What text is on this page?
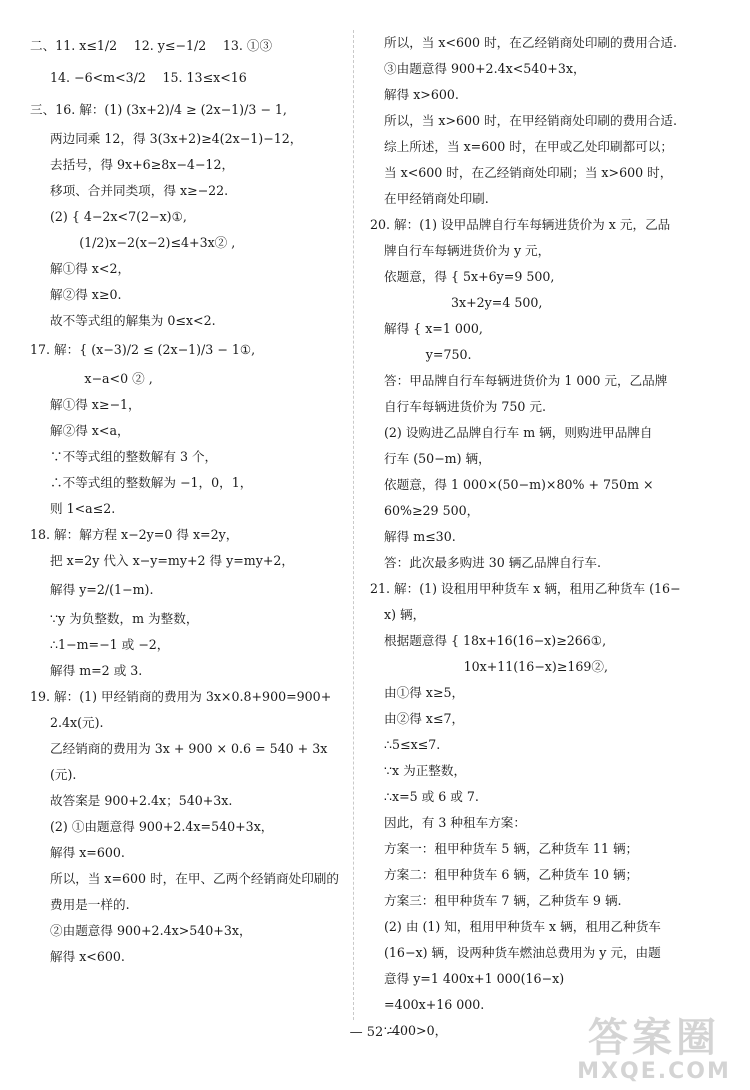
二、11. x≤1/2　 12. y≤−1/2　 13. ①③
14. −6<m<3/2　 15. 13≤x<16
三、16. 解：(1) (3x+2)/4 ≥ (2x−1)/3 − 1,
两边同乘 12，得 3(3x+2)≥4(2x−1)−12，
去括号，得 9x+6≥8x−4−12，
移项、合并同类项，得 x≥−22.
(2) { 4−2x<7(2−x)①,
　　 (1/2)x−2(x−2)≤4+3x② ,
解①得 x<2，
解②得 x≥0.
故不等式组的解集为 0≤x<2.
17. 解：{ (x−3)/2 ≤ (2x−1)/3 − 1①,
　　　　 x−a<0 ② ,
解①得 x≥−1，
解②得 x<a，
∵不等式组的整数解有 3 个，
∴不等式组的整数解为 −1，0，1，
则 1<a≤2.
18. 解：解方程 x−2y=0 得 x=2y，
把 x=2y 代入 x−y=my+2 得 y=my+2，
解得 y=2/(1−m).
∵y 为负整数，m 为整数，
∴1−m=−1 或 −2，
解得 m=2 或 3.
19. 解：(1) 甲经销商的费用为 3x×0.8+900=900+
2.4x(元).
乙经销商的费用为 3x + 900 × 0.6 = 540 + 3x
(元).
故答案是 900+2.4x；540+3x.
(2) ①由题意得 900+2.4x=540+3x，
解得 x=600.
所以，当 x=600 时，在甲、乙两个经销商处印刷的
费用是一样的.
②由题意得 900+2.4x>540+3x，
解得 x<600.
所以，当 x<600 时，在乙经销商处印刷的费用合适.
③由题意得 900+2.4x<540+3x，
解得 x>600.
所以，当 x>600 时，在甲经销商处印刷的费用合适.
综上所述，当 x=600 时，在甲或乙处印刷都可以；
当 x<600 时，在乙经销商处印刷；当 x>600 时，
在甲经销商处印刷.
20. 解：(1) 设甲品牌自行车每辆进货价为 x 元，乙品
牌自行车每辆进货价为 y 元，
依题意，得 { 5x+6y=9 500,
　　　　　 3x+2y=4 500,
解得 { x=1 000,
　　　 y=750.
答：甲品牌自行车每辆进货价为 1 000 元，乙品牌
自行车每辆进货价为 750 元.
(2) 设购进乙品牌自行车 m 辆，则购进甲品牌自
行车 (50−m) 辆，
依题意，得 1 000×(50−m)×80% + 750m ×
60%≥29 500，
解得 m≤30.
答：此次最多购进 30 辆乙品牌自行车.
21. 解：(1) 设租用甲种货车 x 辆，租用乙种货车 (16−
x) 辆，
根据题意得 { 18x+16(16−x)≥266①,
　　　　　　 10x+11(16−x)≥169②,
由①得 x≥5，
由②得 x≤7，
∴5≤x≤7.
∵x 为正整数，
∴x=5 或 6 或 7.
因此，有 3 种租车方案：
方案一：租甲种货车 5 辆，乙种货车 11 辆；
方案二：租甲种货车 6 辆，乙种货车 10 辆；
方案三：租甲种货车 7 辆，乙种货车 9 辆.
(2) 由 (1) 知，租用甲种货车 x 辆，租用乙种货车
(16−x) 辆，设两种货车燃油总费用为 y 元，由题
意得 y=1 400x+1 000(16−x)
=400x+16 000.
∵400>0，
— 52 —	答案圈
MXQE.COM
